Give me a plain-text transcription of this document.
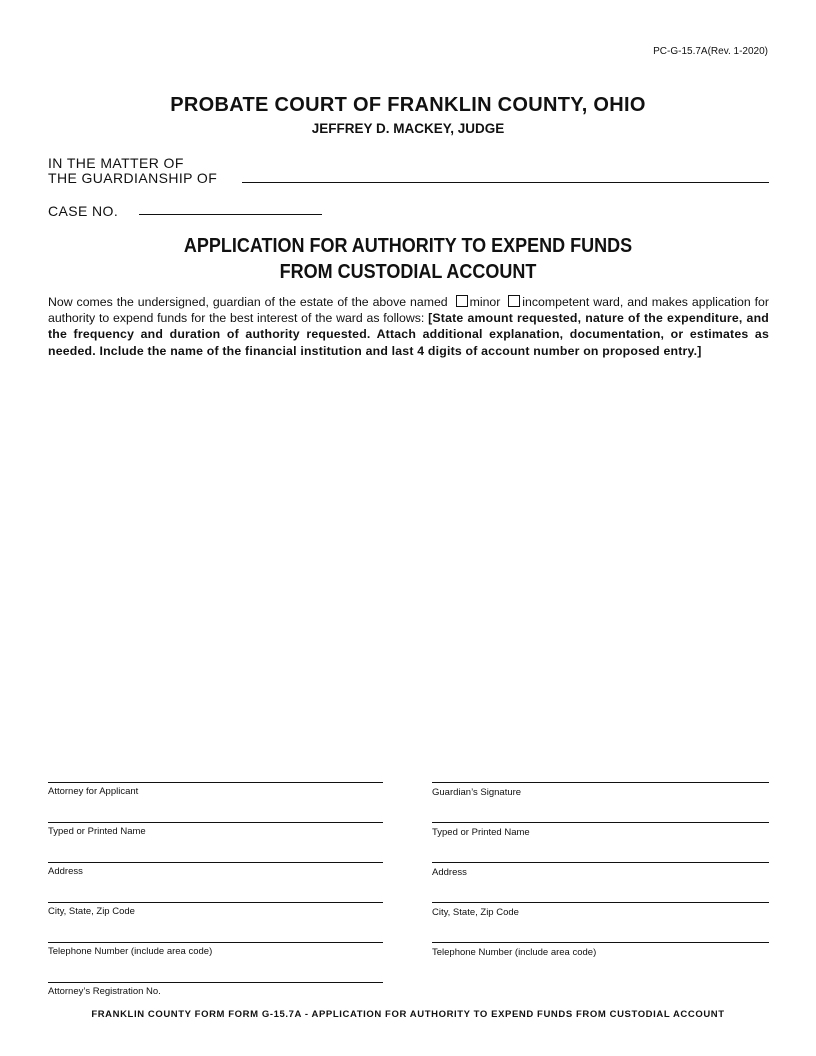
PC-G-15.7A(Rev. 1-2020)
PROBATE COURT OF FRANKLIN COUNTY, OHIO
JEFFREY D. MACKEY, JUDGE
IN THE MATTER OF
THE GUARDIANSHIP OF
CASE NO.
APPLICATION FOR AUTHORITY TO EXPEND FUNDS
FROM CUSTODIAL ACCOUNT
Now comes the undersigned, guardian of the estate of the above named minor incompetent ward, and makes application for authority to expend funds for the best interest of the ward as follows: [State amount requested, nature of the expenditure, and the frequency and duration of authority requested. Attach additional explanation, documentation, or estimates as needed. Include the name of the financial institution and last 4 digits of account number on proposed entry.]
Attorney for Applicant
Typed or Printed Name
Address
City, State, Zip Code
Telephone Number (include area code)
Attorney’s Registration No.
Guardian’s Signature
Typed or Printed Name
Address
City, State, Zip Code
Telephone Number (include area code)
FRANKLIN COUNTY FORM FORM G-15.7A - APPLICATION FOR AUTHORITY TO EXPEND FUNDS FROM CUSTODIAL ACCOUNT
